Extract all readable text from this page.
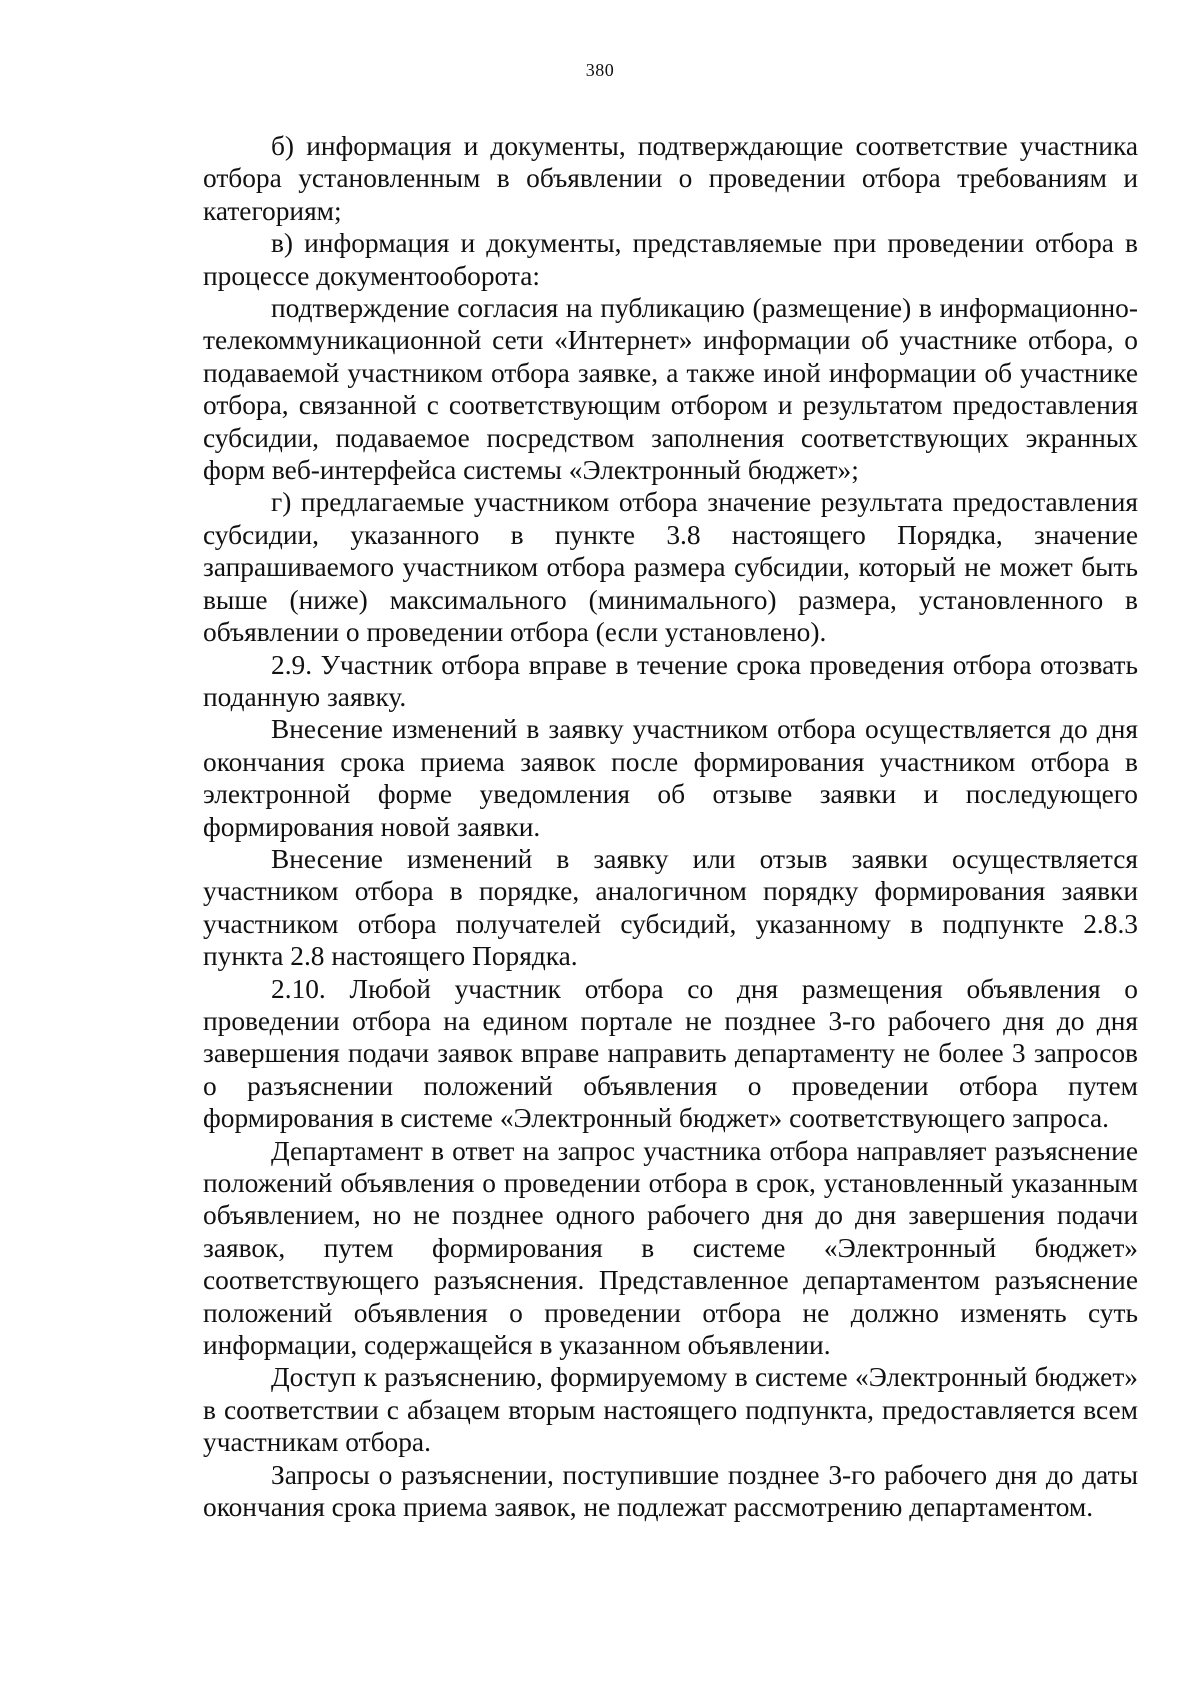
380

б) информация и документы, подтверждающие соответствие участника отбора установленным в объявлении о проведении отбора требованиям и категориям;

в) информация и документы, представляемые при проведении отбора в процессе документооборота:

подтверждение согласия на публикацию (размещение) в информационно-телекоммуникационной сети «Интернет» информации об участнике отбора, о подаваемой участником отбора заявке, а также иной информации об участнике отбора, связанной с соответствующим отбором и результатом предоставления субсидии, подаваемое посредством заполнения соответствующих экранных форм веб-интерфейса системы «Электронный бюджет»;

г) предлагаемые участником отбора значение результата предоставления субсидии, указанного в пункте 3.8 настоящего Порядка, значение запрашиваемого участником отбора размера субсидии, который не может быть выше (ниже) максимального (минимального) размера, установленного в объявлении о проведении отбора (если установлено).

2.9. Участник отбора вправе в течение срока проведения отбора отозвать поданную заявку.

Внесение изменений в заявку участником отбора осуществляется до дня окончания срока приема заявок после формирования участником отбора в электронной форме уведомления об отзыве заявки и последующего формирования новой заявки.

Внесение изменений в заявку или отзыв заявки осуществляется участником отбора в порядке, аналогичном порядку формирования заявки участником отбора получателей субсидий, указанному в подпункте 2.8.3 пункта 2.8 настоящего Порядка.

2.10. Любой участник отбора со дня размещения объявления о проведении отбора на едином портале не позднее 3-го рабочего дня до дня завершения подачи заявок вправе направить департаменту не более 3 запросов о разъяснении положений объявления о проведении отбора путем формирования в системе «Электронный бюджет» соответствующего запроса.

Департамент в ответ на запрос участника отбора направляет разъяснение положений объявления о проведении отбора в срок, установленный указанным объявлением, но не позднее одного рабочего дня до дня завершения подачи заявок, путем формирования в системе «Электронный бюджет» соответствующего разъяснения. Представленное департаментом разъяснение положений объявления о проведении отбора не должно изменять суть информации, содержащейся в указанном объявлении.

Доступ к разъяснению, формируемому в системе «Электронный бюджет» в соответствии с абзацем вторым настоящего подпункта, предоставляется всем участникам отбора.

Запросы о разъяснении, поступившие позднее 3-го рабочего дня до даты окончания срока приема заявок, не подлежат рассмотрению департаментом.
